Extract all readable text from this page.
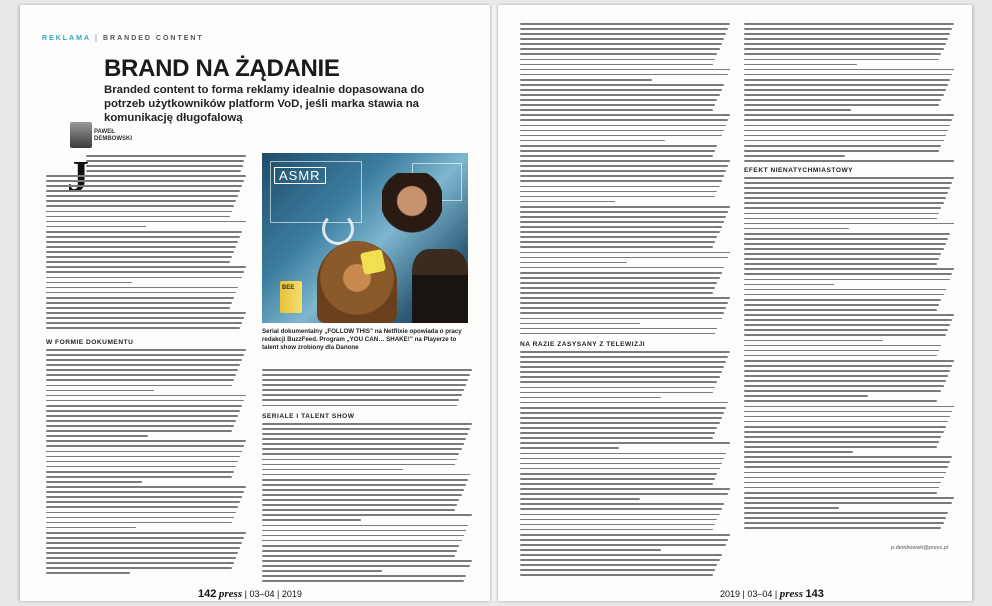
REKLAMA | BRANDED CONTENT
BRAND NA ŻĄDANIE
Branded content to forma reklamy idealnie dopasowana do potrzeb użytkowników platform VoD, jeśli marka stawia na komunikację długofalową
PAWEŁ
DEMBOWSKI
W FORMIE DOKUMENTU
ASMR
BEE
Serial dokumentalny „FOLLOW THIS” na Netflixie opowiada o pracy redakcji BuzzFeed. Program „YOU CAN… SHAKE!” na Playerze to talent show zrobiony dla Danone
SERIALE I TALENT SHOW
142 press | 03–04 | 2019
NA RAZIE ZASYSANY Z TELEWIZJI
EFEKT NIENATYCHMIASTOWY
p.dembowski@press.pl
2019 | 03–04 | press 143
